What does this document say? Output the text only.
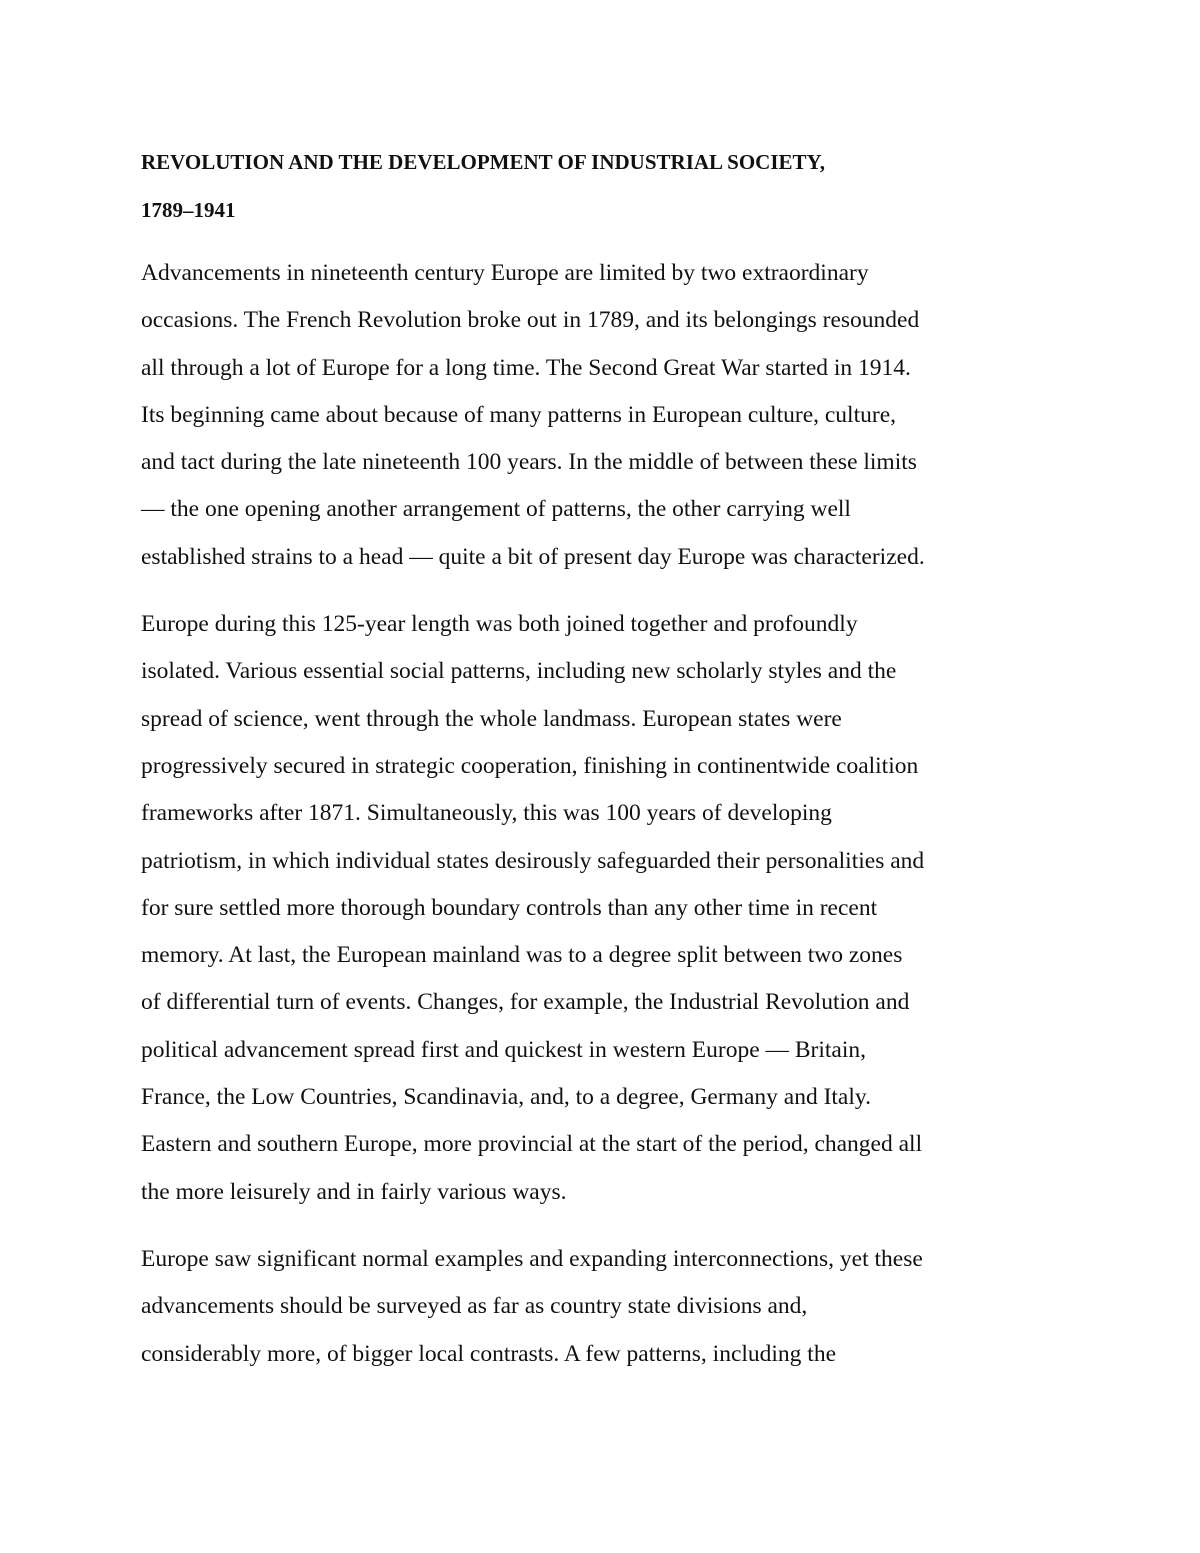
REVOLUTION AND THE DEVELOPMENT OF INDUSTRIAL SOCIETY,
1789–1941

Advancements in nineteenth century Europe are limited by two extraordinary
occasions. The French Revolution broke out in 1789, and its belongings resounded
all through a lot of Europe for a long time. The Second Great War started in 1914.
Its beginning came about because of many patterns in European culture, culture,
and tact during the late nineteenth 100 years. In the middle of between these limits
— the one opening another arrangement of patterns, the other carrying well
established strains to a head — quite a bit of present day Europe was characterized.

Europe during this 125-year length was both joined together and profoundly
isolated. Various essential social patterns, including new scholarly styles and the
spread of science, went through the whole landmass. European states were
progressively secured in strategic cooperation, finishing in continentwide coalition
frameworks after 1871. Simultaneously, this was 100 years of developing
patriotism, in which individual states desirously safeguarded their personalities and
for sure settled more thorough boundary controls than any other time in recent
memory. At last, the European mainland was to a degree split between two zones
of differential turn of events. Changes, for example, the Industrial Revolution and
political advancement spread first and quickest in western Europe — Britain,
France, the Low Countries, Scandinavia, and, to a degree, Germany and Italy.
Eastern and southern Europe, more provincial at the start of the period, changed all
the more leisurely and in fairly various ways.

Europe saw significant normal examples and expanding interconnections, yet these
advancements should be surveyed as far as country state divisions and,
considerably more, of bigger local contrasts. A few patterns, including the
